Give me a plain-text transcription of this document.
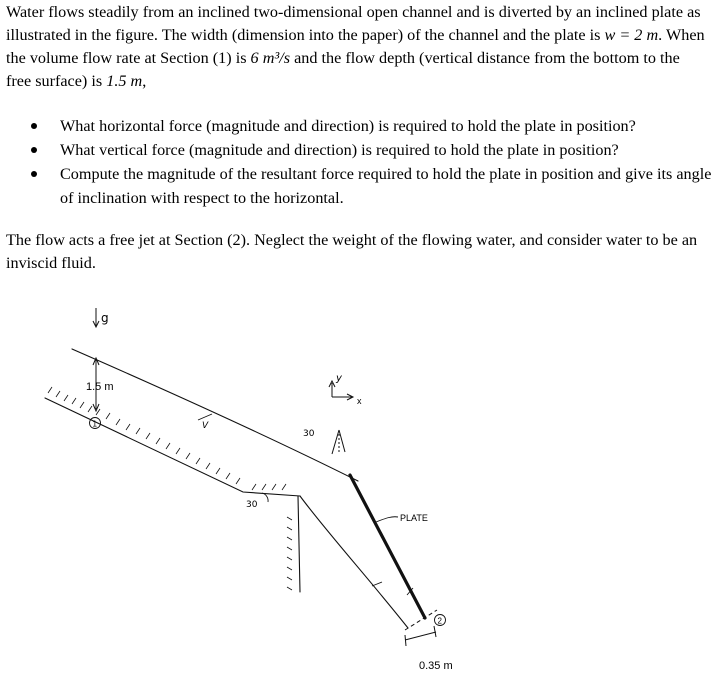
Water flows steadily from an inclined two-dimensional open channel and is diverted by an inclined plate as illustrated in the figure. The width (dimension into the paper) of the channel and the plate is w = 2 m. When the volume flow rate at Section (1) is 6 m³/s and the flow depth (vertical distance from the bottom to the free surface) is 1.5 m,

What horizontal force (magnitude and direction) is required to hold the plate in position?
What vertical force (magnitude and direction) is required to hold the plate in position?
Compute the magnitude of the resultant force required to hold the plate in position and give its angle of inclination with respect to the horizontal.

The flow acts a free jet at Section (2). Neglect the weight of the flowing water, and consider water to be an inviscid fluid.

1.5 m
1
2
g
y
x
30
30
V
PLATE
0.35 m
